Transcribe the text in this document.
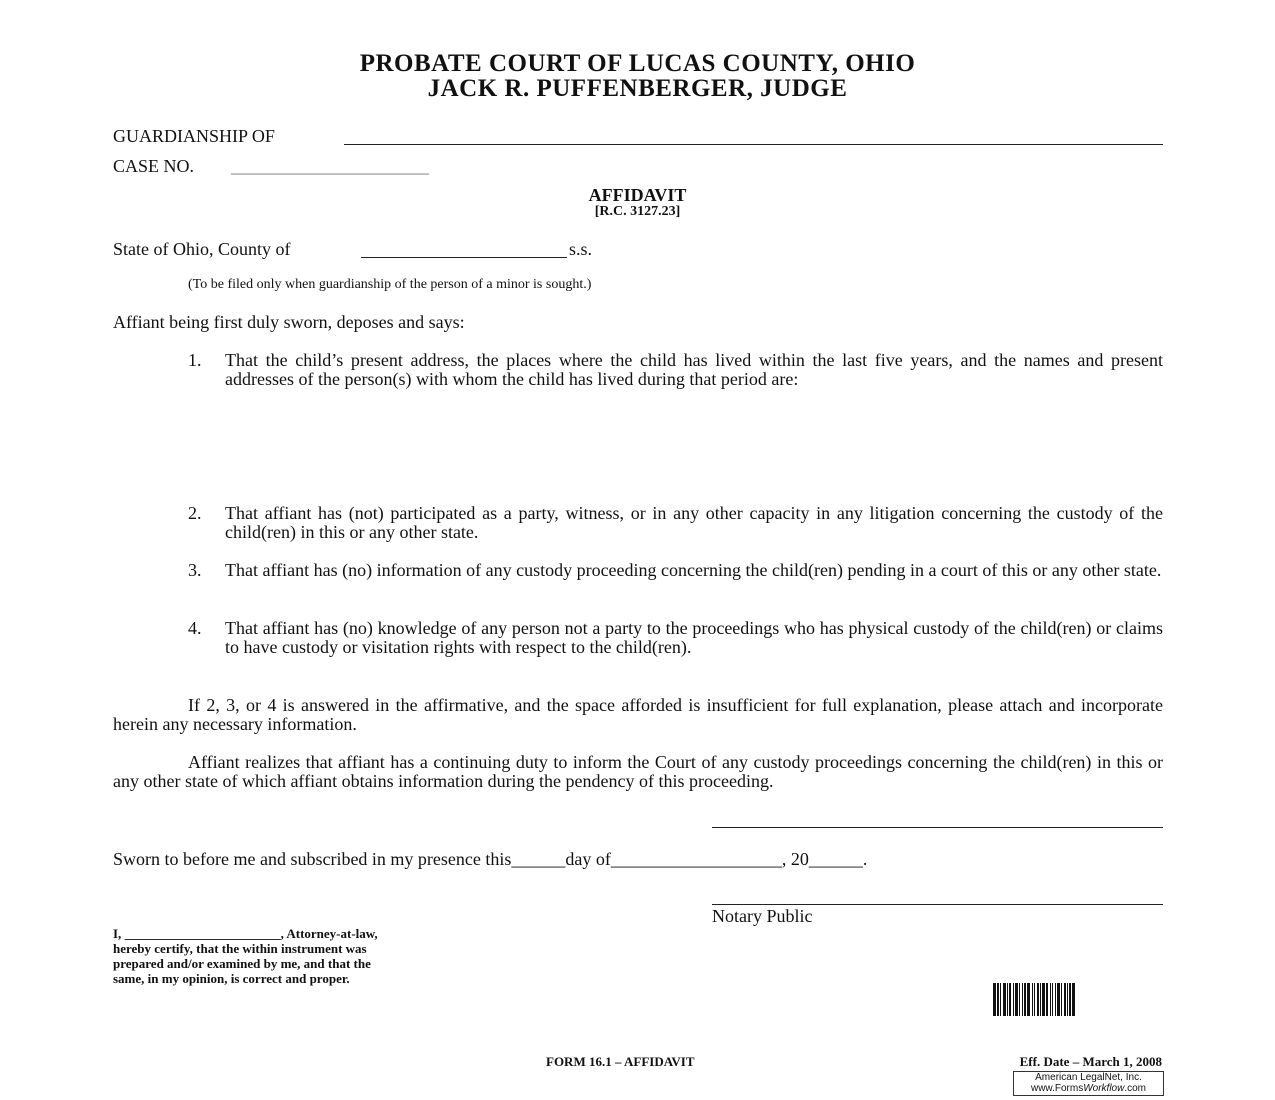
PROBATE COURT OF LUCAS COUNTY, OHIO
JACK R. PUFFENBERGER, JUDGE
GUARDIANSHIP OF
CASE NO. ______________________
AFFIDAVIT
[R.C. 3127.23]
State of Ohio, County of	s.s.
(To be filed only when guardianship of the person of a minor is sought.)
Affiant being first duly sworn, deposes and says:
1. That the child’s present address, the places where the child has lived within the last five years, and the names and present addresses of the person(s) with whom the child has lived during that period are:
2. That affiant has (not) participated as a party, witness, or in any other capacity in any litigation concerning the custody of the child(ren) in this or any other state.
3. That affiant has (no) information of any custody proceeding concerning the child(ren) pending in a court of this or any other state.
4. That affiant has (no) knowledge of any person not a party to the proceedings who has physical custody of the child(ren) or claims to have custody or visitation rights with respect to the child(ren).
If 2, 3, or 4 is answered in the affirmative, and the space afforded is insufficient for full explanation, please attach and incorporate herein any necessary information.
Affiant realizes that affiant has a continuing duty to inform the Court of any custody proceedings concerning the child(ren) in this or any other state of which affiant obtains information during the pendency of this proceeding.
Sworn to before me and subscribed in my presence this______day of___________________, 20______.
Notary Public
I, ________________________, Attorney-at-law,
hereby certify, that the within instrument was
prepared and/or examined by me, and that the
same, in my opinion, is correct and proper.
FORM 16.1 – AFFIDAVIT	Eff. Date – March 1, 2008
American LegalNet, Inc.
www.FormsWorkflow.com
